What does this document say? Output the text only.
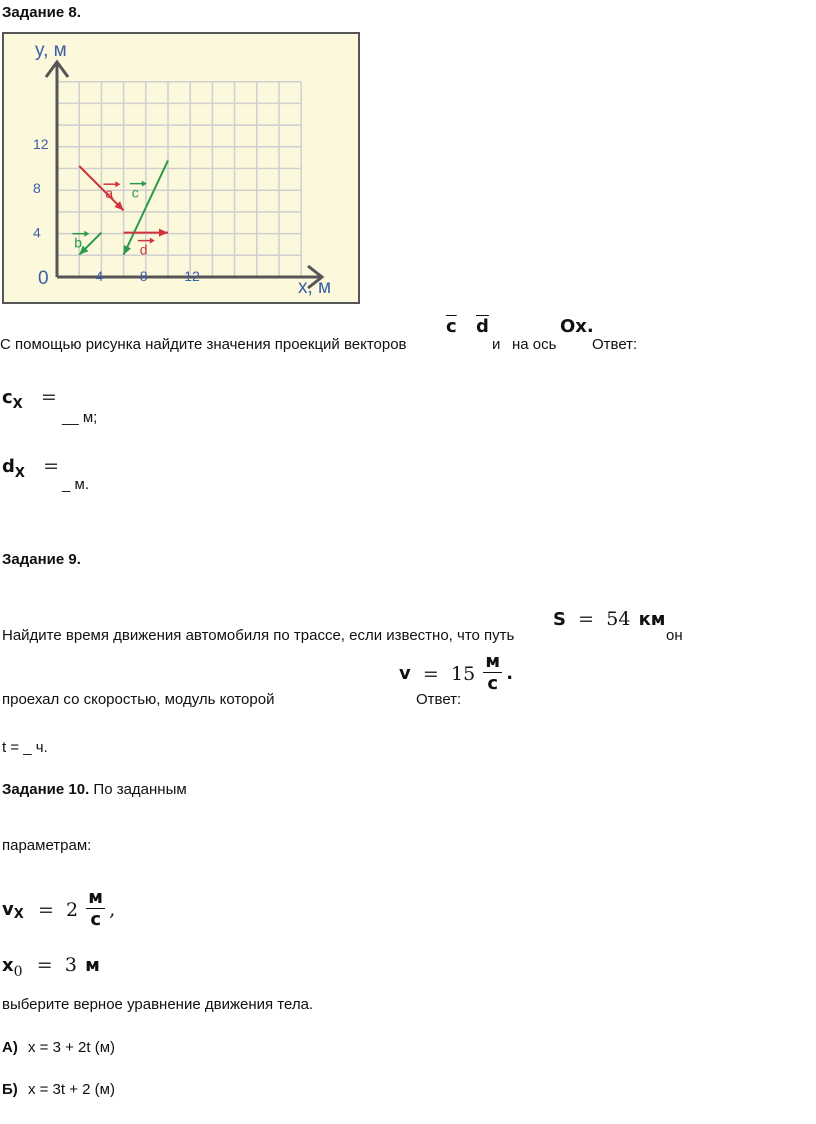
Задание 8.
y, м
x, м
0	4	8	12
4
8
12
a
b
c
d
С помощью рисунка найдите значения проекций векторов
$\overline{c}$ $\overline{d}$
и на ось
Ox.
Ответ:
cX =
__ м;
dX =
_ м.
Задание 9.
Найдите время движения автомобиля по трассе, если известно, что путь
S = 54 км
он
$v = 15 \frac{м}{с}$ .
проехал со скоростью, модуль которой	Ответ:
t = _ ч.
Задание 10. По заданным
параметрам:
vX = $2 \frac{м}{с}$ ,
x0 = 3 м
выберите верное уравнение движения тела.
А) x = 3 + 2t (м)
Б) x = 3t + 2 (м)
